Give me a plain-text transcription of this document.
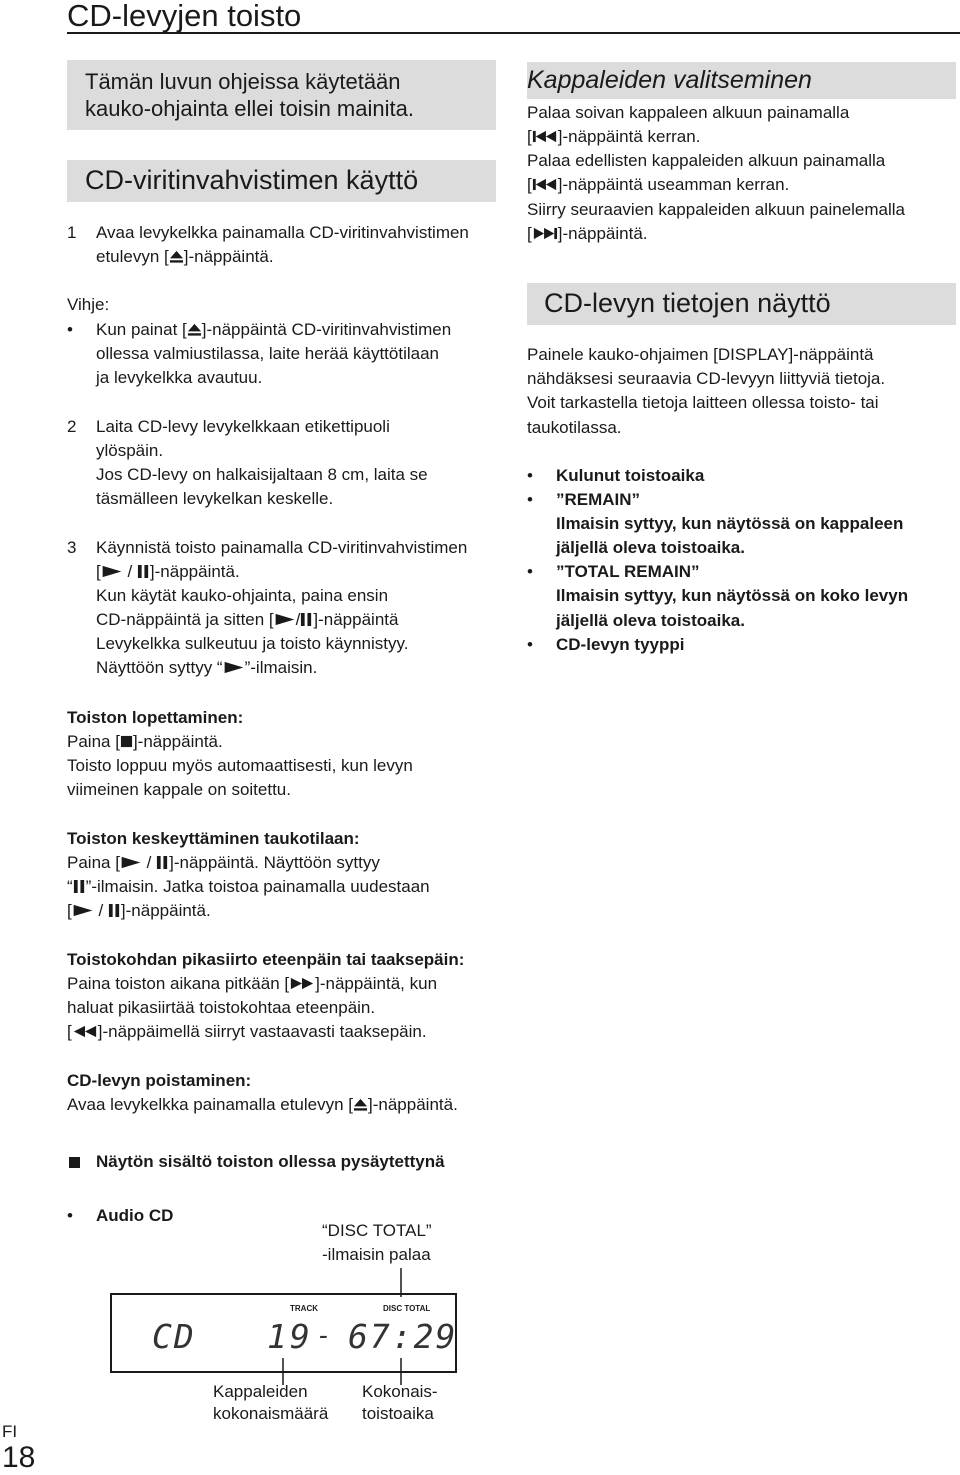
CD-levyjen toisto
Tämän luvun ohjeissa käytetään
kauko-ohjainta ellei toisin mainita.
CD-viritinvahvistimen käyttö
1 Avaa levykelkka painamalla CD-viritinvahvistimen
etulevyn [ ]-näppäintä.
Vihje:
• Kun painat [ ]-näppäintä CD-viritinvahvistimen
ollessa valmiustilassa, laite herää käyttötilaan
ja levykelkka avautuu.
2 Laita CD-levy levykelkkaan etikettipuoli
ylöspäin.
Jos CD-levy on halkaisijaltaan 8 cm, laita se
täsmälleen levykelkan keskelle.
3 Käynnistä toisto painamalla CD-viritinvahvistimen
[ / ]-näppäintä.
Kun käytät kauko-ohjainta, paina ensin
CD-näppäintä ja sitten [ / ]-näppäintä
Levykelkka sulkeutuu ja toisto käynnistyy.
Näyttöön syttyy “ ”-ilmaisin.
Toiston lopettaminen:
Paina [ ]-näppäintä.
Toisto loppuu myös automaattisesti, kun levyn
viimeinen kappale on soitettu.
Toiston keskeyttäminen taukotilaan:
Paina [ / ]-näppäintä. Näyttöön syttyy
“ ”-ilmaisin. Jatka toistoa painamalla uudestaan
[ / ]-näppäintä.
Toistokohdan pikasiirto eteenpäin tai taaksepäin:
Paina toiston aikana pitkään [ ]-näppäintä, kun
haluat pikasiirtää toistokohtaa eteenpäin.
[ ]-näppäimellä siirryt vastaavasti taaksepäin.
CD-levyn poistaminen:
Avaa levykelkka painamalla etulevyn [ ]-näppäintä.
Näytön sisältö toiston ollessa pysäytettynä
• Audio CD
“DISC TOTAL”
-ilmaisin palaa
TRACK	DISC TOTAL
CD 19 - 67:29
Kappaleiden
kokonaismäärä
Kokonais-
toistoaika
Kappaleiden valitseminen
Palaa soivan kappaleen alkuun painamalla
[ ]-näppäintä kerran.
Palaa edellisten kappaleiden alkuun painamalla
[ ]-näppäintä useamman kerran.
Siirry seuraavien kappaleiden alkuun painelemalla
[ ]-näppäintä.
CD-levyn tietojen näyttö
Painele kauko-ohjaimen [DISPLAY]-näppäintä
nähdäksesi seuraavia CD-levyyn liittyviä tietoja.
Voit tarkastella tietoja laitteen ollessa toisto- tai
taukotilassa.
• Kulunut toistoaika
• ”REMAIN”
Ilmaisin syttyy, kun näytössä on kappaleen
jäljellä oleva toistoaika.
• ”TOTAL REMAIN”
Ilmaisin syttyy, kun näytössä on koko levyn
jäljellä oleva toistoaika.
• CD-levyn tyyppi
FI
18
